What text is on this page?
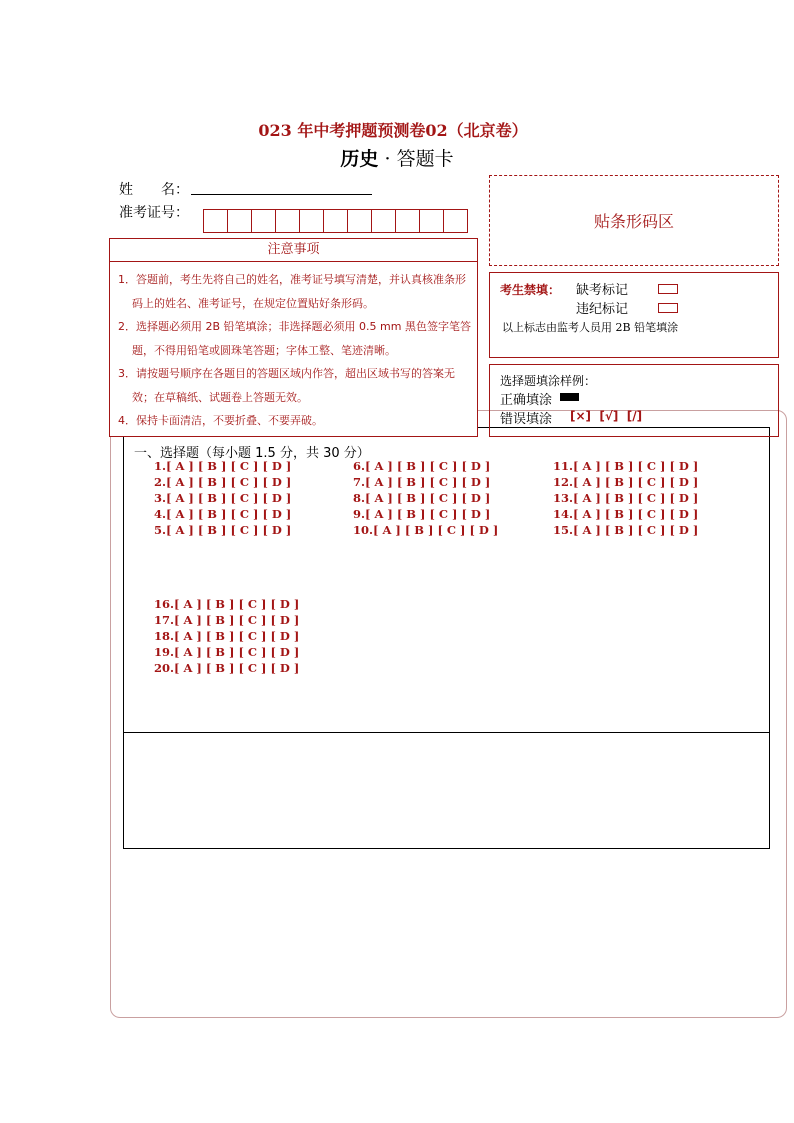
023 年中考押题预测卷02（北京卷）
历史 · 答题卡
姓　　名：
准考证号：	贴条形码区
一、选择题（每小题 1.5 分，共 30 分）
1.[ A ] [ B ] [ C ] [ D ]
2.[ A ] [ B ] [ C ] [ D ]
3.[ A ] [ B ] [ C ] [ D ]
4.[ A ] [ B ] [ C ] [ D ]
5.[ A ] [ B ] [ C ] [ D ]
6.[ A ] [ B ] [ C ] [ D ]
7.[ A ] [ B ] [ C ] [ D ]
8.[ A ] [ B ] [ C ] [ D ]
9.[ A ] [ B ] [ C ] [ D ]
10.[ A ] [ B ] [ C ] [ D ]
11.[ A ] [ B ] [ C ] [ D ]
12.[ A ] [ B ] [ C ] [ D ]
13.[ A ] [ B ] [ C ] [ D ]
14.[ A ] [ B ] [ C ] [ D ]
15.[ A ] [ B ] [ C ] [ D ]
16.[ A ] [ B ] [ C ] [ D ]
17.[ A ] [ B ] [ C ] [ D ]
18.[ A ] [ B ] [ C ] [ D ]
19.[ A ] [ B ] [ C ] [ D ]
20.[ A ] [ B ] [ C ] [ D ]
注意事项
1．答题前，考生先将自己的姓名，准考证号填写清楚，并认真核准条形码上的姓名、准考证号，在规定位置贴好条形码。
2．选择题必须用 2B 铅笔填涂；非选择题必须用 0.5 mm 黑色签字笔答题，不得用铅笔或圆珠笔答题；字体工整、笔迹清晰。
3．请按题号顺序在各题目的答题区域内作答，超出区域书写的答案无效；在草稿纸、试题卷上答题无效。
4．保持卡面清洁，不要折叠、不要弄破。
考生禁填： 缺考标记
违纪标记
以上标志由监考人员用 2B 铅笔填涂
选择题填涂样例：
正确填涂
错误填涂 [×]  [√]  [/]
